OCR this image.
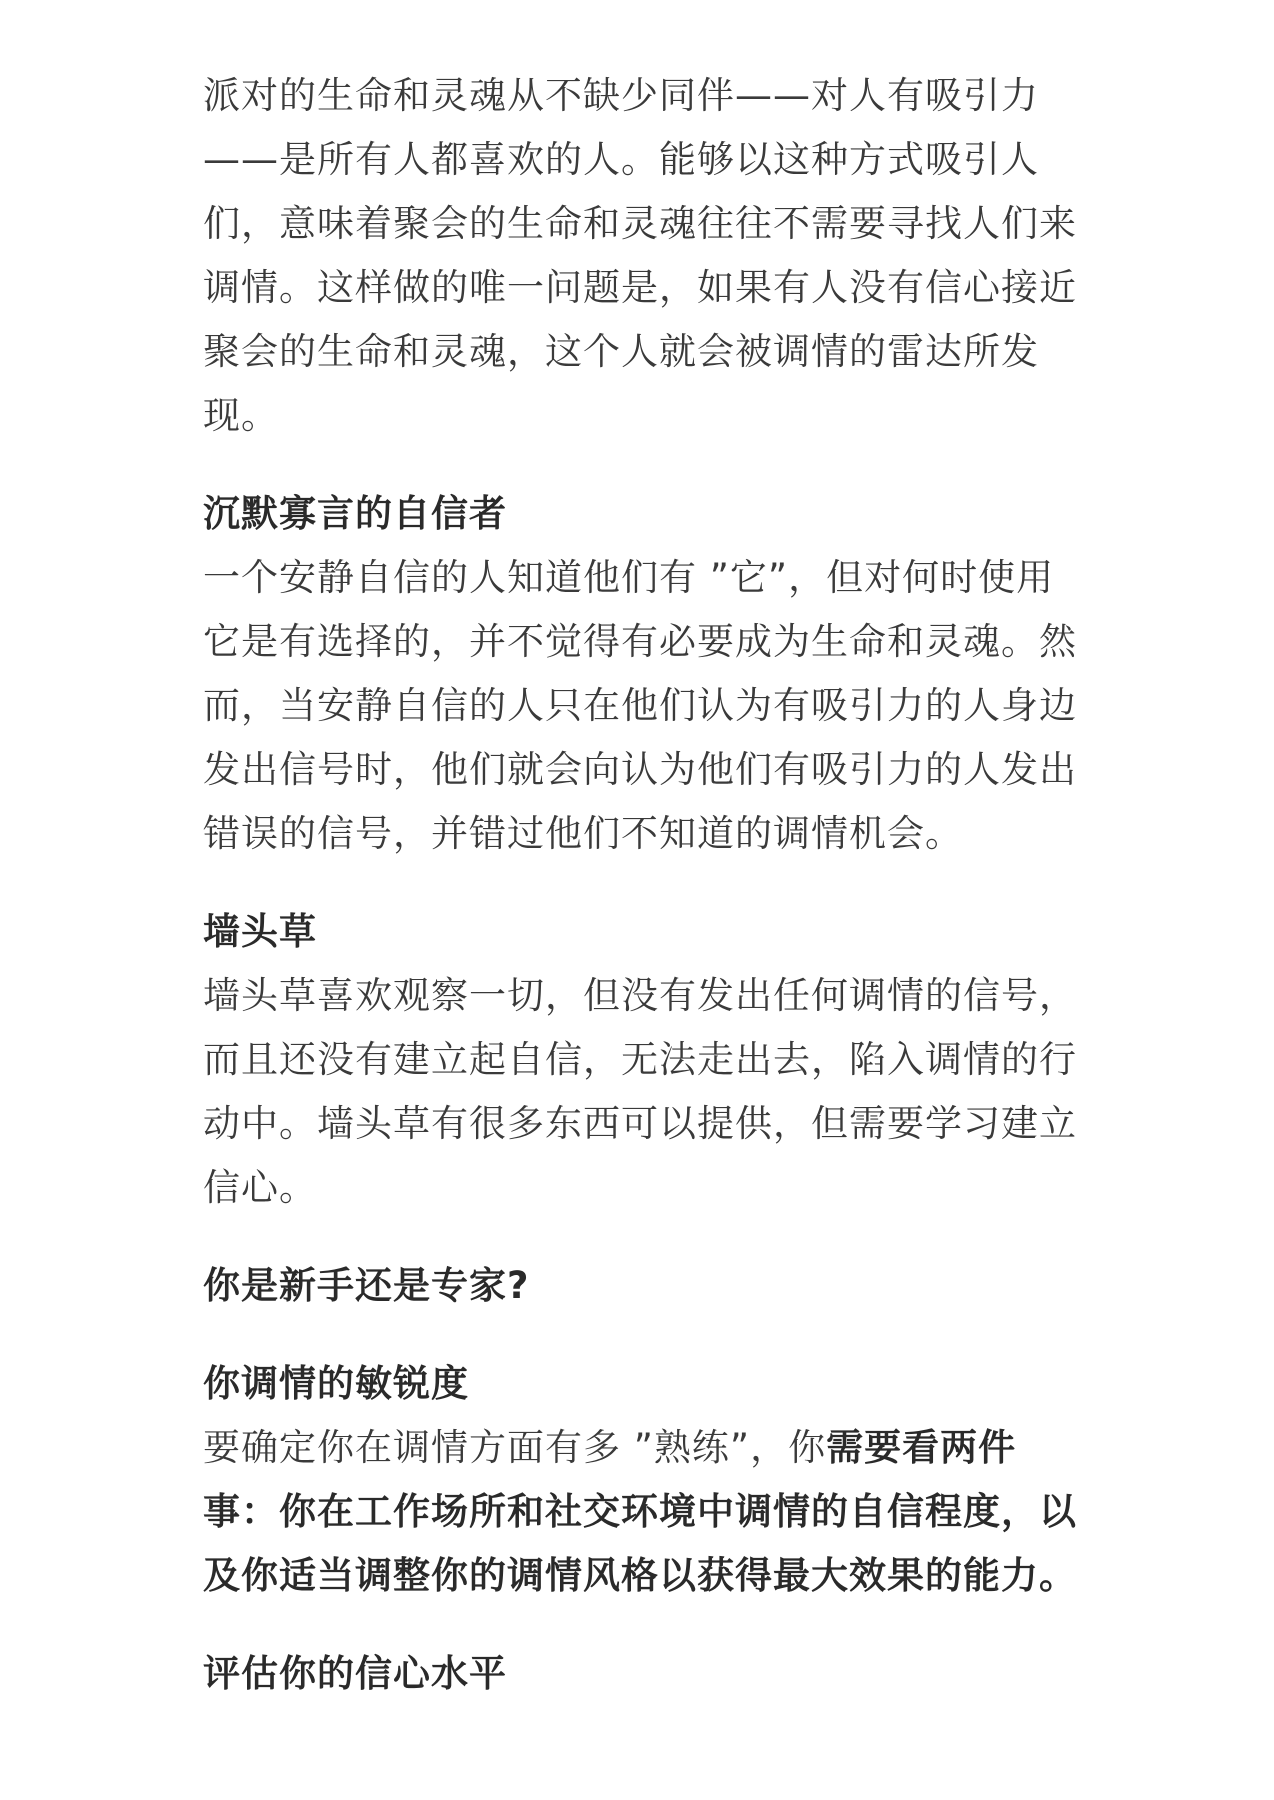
派对的生命和灵魂从不缺少同伴——对人有吸引力——是所有人都喜欢的人。能够以这种方式吸引人们，意味着聚会的生命和灵魂往往不需要寻找人们来调情。这样做的唯一问题是，如果有人没有信心接近聚会的生命和灵魂，这个人就会被调情的雷达所发现。

沉默寡言的自信者

一个安静自信的人知道他们有 ”它”，但对何时使用它是有选择的，并不觉得有必要成为生命和灵魂。然而，当安静自信的人只在他们认为有吸引力的人身边发出信号时，他们就会向认为他们有吸引力的人发出错误的信号，并错过他们不知道的调情机会。

墙头草

墙头草喜欢观察一切，但没有发出任何调情的信号，而且还没有建立起自信，无法走出去，陷入调情的行动中。墙头草有很多东西可以提供，但需要学习建立信心。

你是新手还是专家?
你调情的敏锐度

要确定你在调情方面有多 ”熟练”，你需要看两件事：你在工作场所和社交环境中调情的自信程度，以及你适当调整你的调情风格以获得最大效果的能力。

评估你的信心水平
